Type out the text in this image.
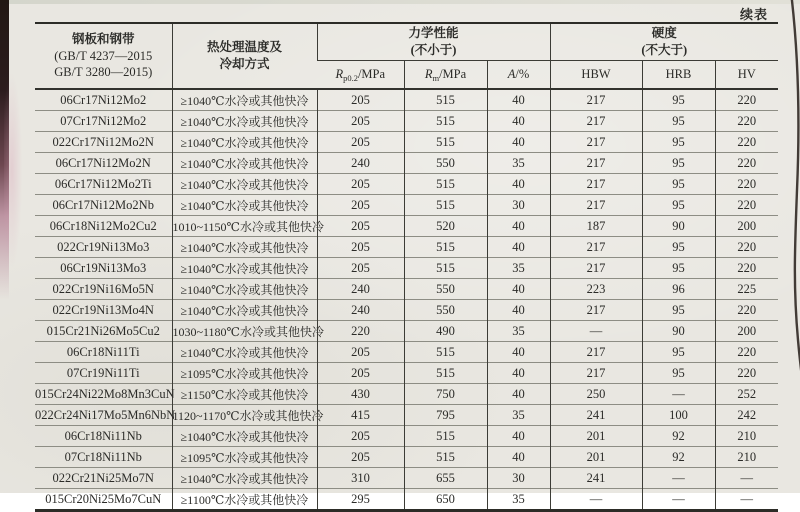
续表
钢板和钢带
(GB/T 4237—2015
GB/T 3280—2015)

热处理温度及
冷却方式

力学性能
(不小于)

硬度
(不大于)

		$R_{p0.2}$/MPa	$R_m$/MPa	A/%	HBW	HRB	HV
06Cr17Ni12Mo2	≥1040℃水冷或其他快冷	205	515	40	217	95	220
07Cr17Ni12Mo2	≥1040℃水冷或其他快冷	205	515	40	217	95	220
022Cr17Ni12Mo2N	≥1040℃水冷或其他快冷	205	515	40	217	95	220
06Cr17Ni12Mo2N	≥1040℃水冷或其他快冷	240	550	35	217	95	220
06Cr17Ni12Mo2Ti	≥1040℃水冷或其他快冷	205	515	40	217	95	220
06Cr17Ni12Mo2Nb	≥1040℃水冷或其他快冷	205	515	30	217	95	220
06Cr18Ni12Mo2Cu2	1010~1150℃水冷或其他快冷	205	520	40	187	90	200
022Cr19Ni13Mo3	≥1040℃水冷或其他快冷	205	515	40	217	95	220
06Cr19Ni13Mo3	≥1040℃水冷或其他快冷	205	515	35	217	95	220
022Cr19Ni16Mo5N	≥1040℃水冷或其他快冷	240	550	40	223	96	225
022Cr19Ni13Mo4N	≥1040℃水冷或其他快冷	240	550	40	217	95	220
015Cr21Ni26Mo5Cu2	1030~1180℃水冷或其他快冷	220	490	35	—	90	200
06Cr18Ni11Ti	≥1040℃水冷或其他快冷	205	515	40	217	95	220
07Cr19Ni11Ti	≥1095℃水冷或其他快冷	205	515	40	217	95	220
015Cr24Ni22Mo8Mn3CuN	≥1150℃水冷或其他快冷	430	750	40	250	—	252
022Cr24Ni17Mo5Mn6NbN	1120~1170℃水冷或其他快冷	415	795	35	241	100	242
06Cr18Ni11Nb	≥1040℃水冷或其他快冷	205	515	40	201	92	210
07Cr18Ni11Nb	≥1095℃水冷或其他快冷	205	515	40	201	92	210
022Cr21Ni25Mo7N	≥1040℃水冷或其他快冷	310	655	30	241	—	—
015Cr20Ni25Mo7CuN	≥1100℃水冷或其他快冷	295	650	35	—	—	—
